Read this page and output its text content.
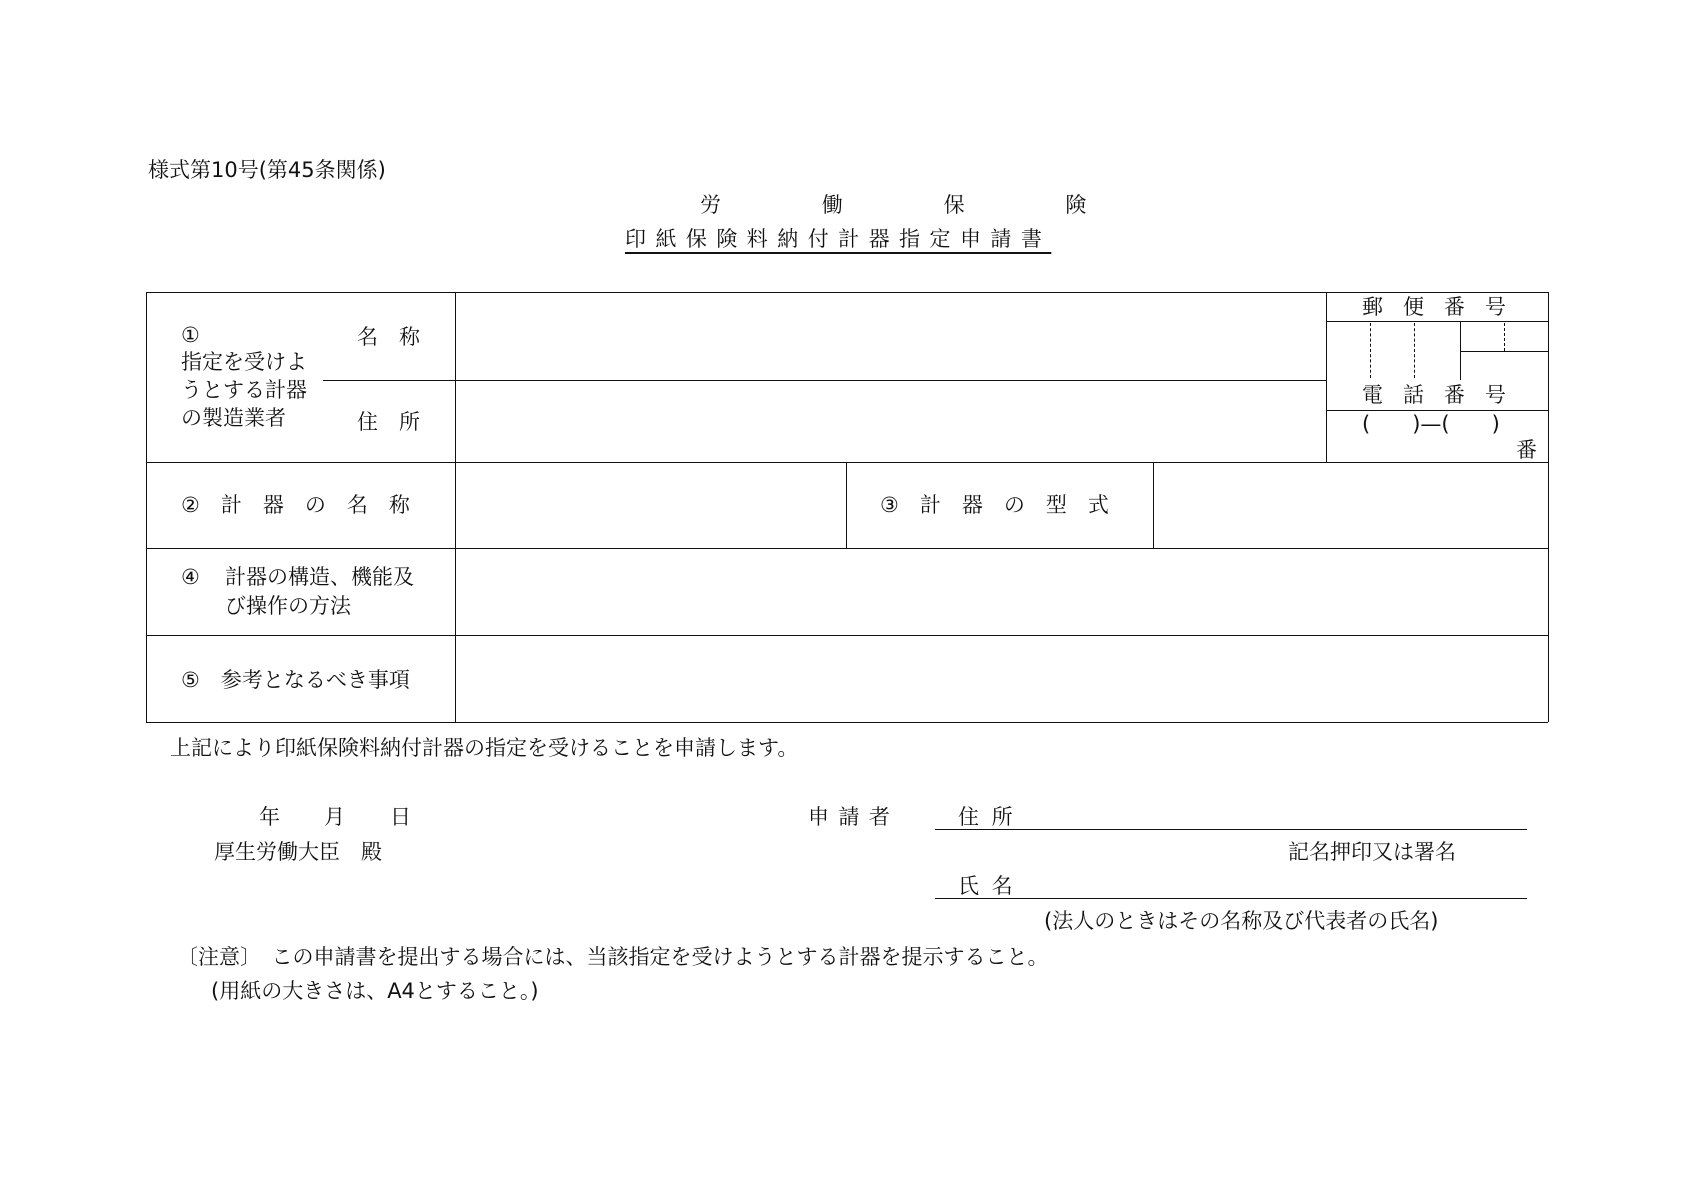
様式第10号(第45条関係)
労　働　保　険
印紙保険料納付計器指定申請書
①
指定を受けよ
うとする計器
の製造業者
名称
住所
郵便番号
電話番号
(　　)—(　　)
番
②　計　器　の　名　称	③　計　器　の　型　式
④ 計器の構造、機能及
び操作の方法
⑤　参考となるべき事項
上記により印紙保険料納付計器の指定を受けることを申請します。
年 月 日
厚生労働大臣　殿
申請者	住所
記名押印又は署名
氏名
(法人のときはその名称及び代表者の氏名)
〔注意〕　この申請書を提出する場合には、当該指定を受けようとする計器を提示すること。
(用紙の大きさは、A4とすること。)
